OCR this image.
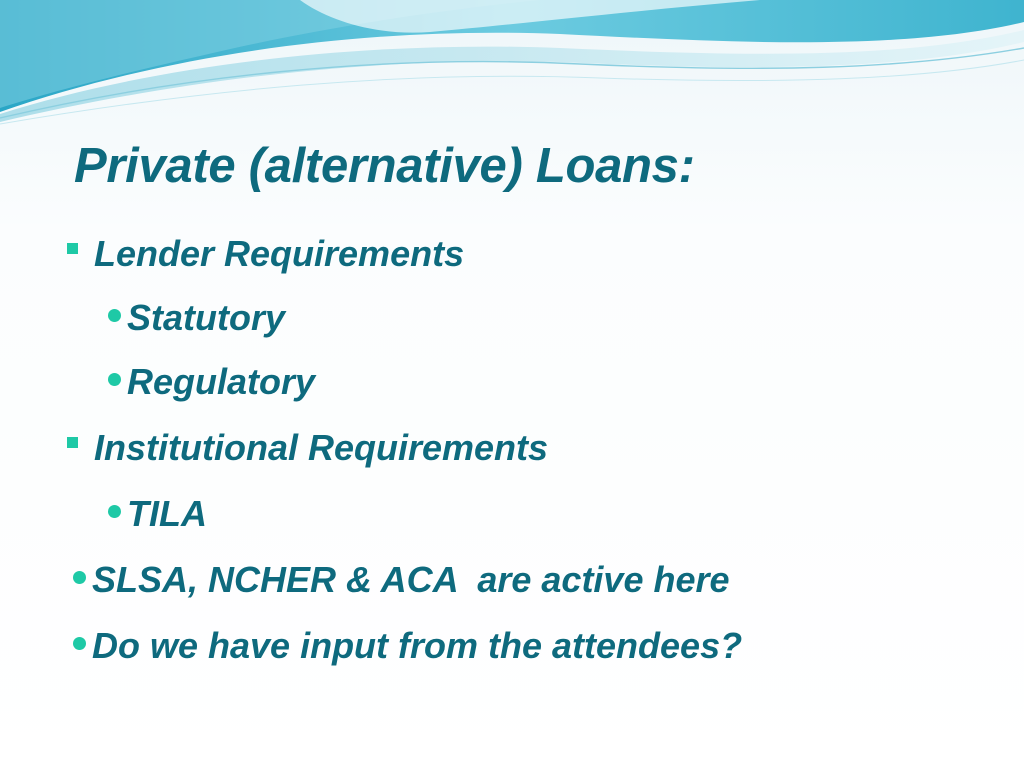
Private (alternative) Loans:
Lender Requirements
Statutory
Regulatory
Institutional Requirements
TILA
SLSA, NCHER & ACA  are active here
Do we have input from the attendees?
